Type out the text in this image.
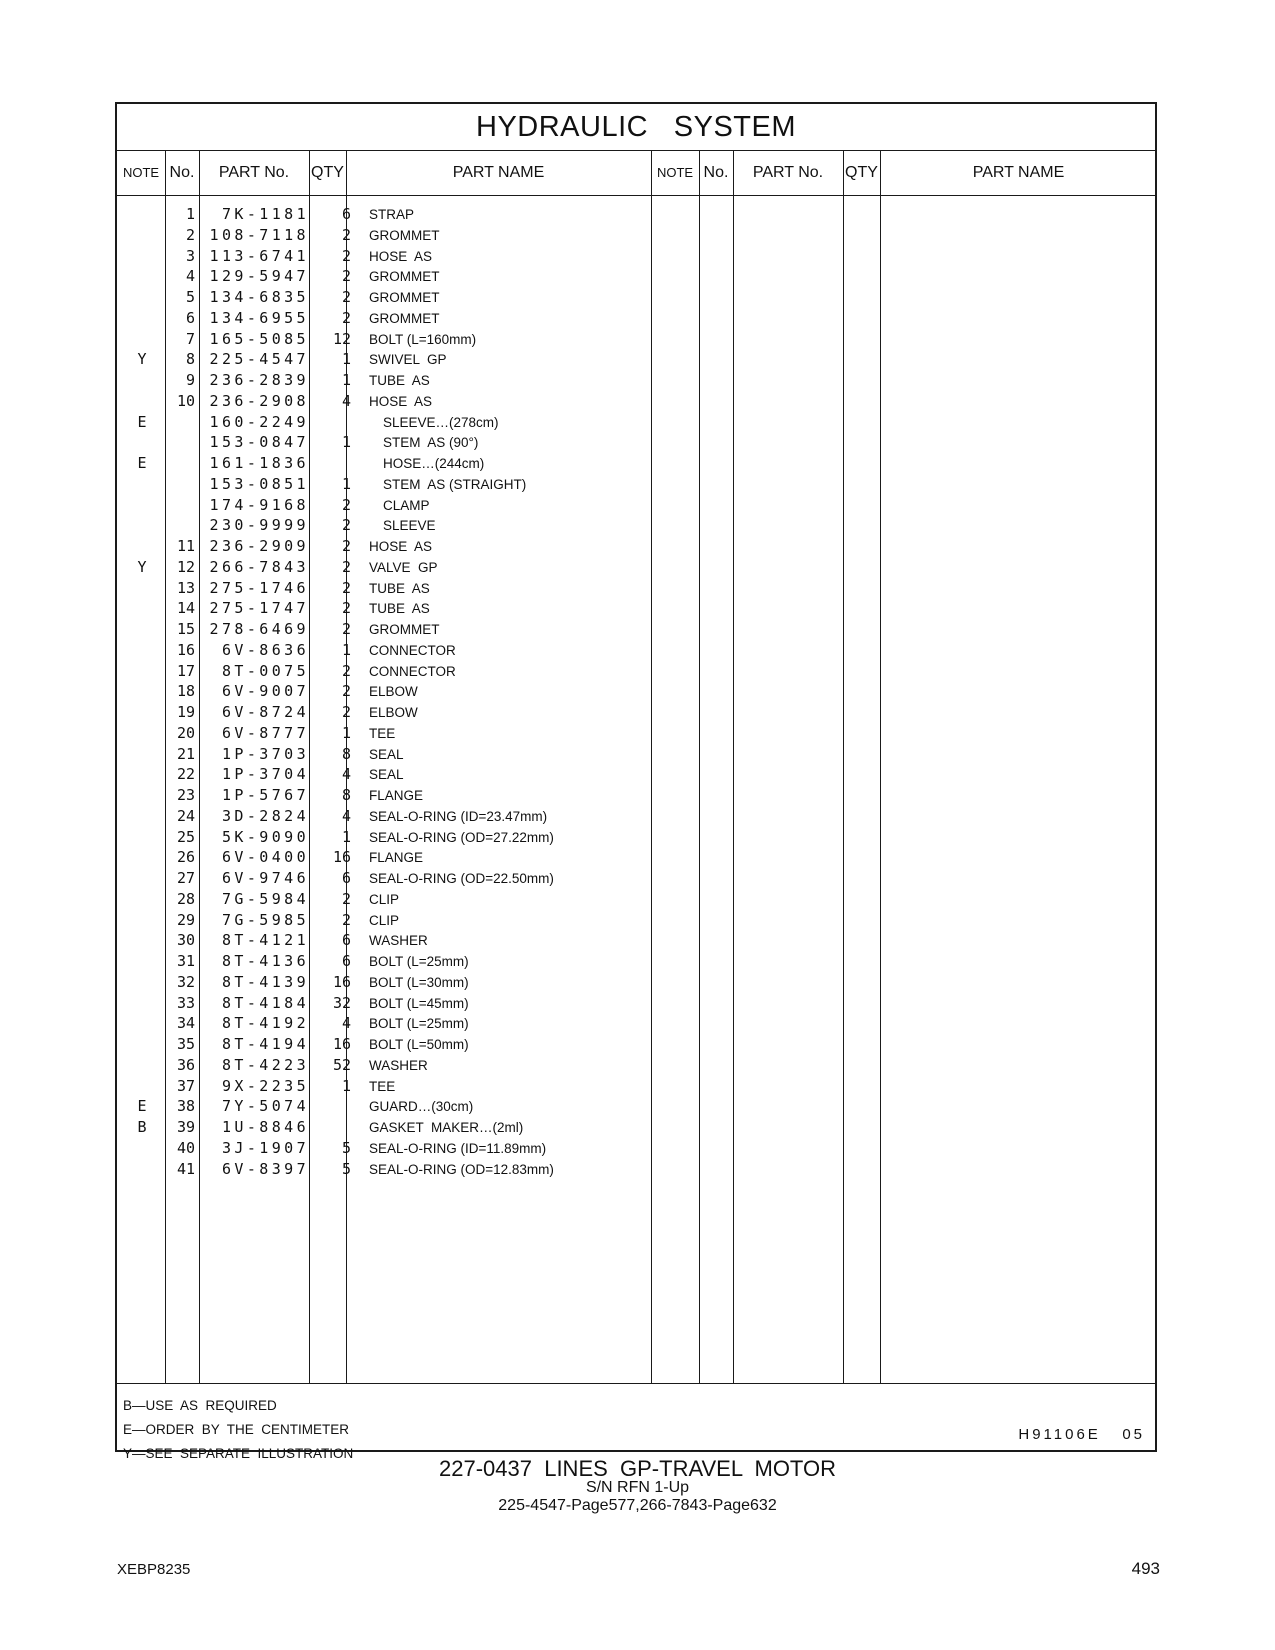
HYDRAULIC   SYSTEM
NOTE No.	PART No.	QTY	PART NAME	NOTE No.	PART No.	QTY	PART NAME
1	7K-1181	6 STRAP
2 108-7118	2 GROMMET
3 113-6741	2 HOSE  AS
4 129-5947	2 GROMMET
5 134-6835	2 GROMMET
6 134-6955	2 GROMMET
7 165-5085	12 BOLT (L=160mm)
Y	8 225-4547	1 SWIVEL  GP
9 236-2839	1 TUBE  AS
10 236-2908	4 HOSE  AS
E	160-2249	SLEEVE…(278cm)
153-0847	1 STEM  AS (90°)
E	161-1836	HOSE…(244cm)
153-0851	1 STEM  AS (STRAIGHT)
174-9168	2 CLAMP
230-9999	2 SLEEVE
11 236-2909	2 HOSE  AS
Y	12 266-7843	2 VALVE  GP
13 275-1746	2 TUBE  AS
14 275-1747	2 TUBE  AS
15 278-6469	2 GROMMET
16	6V-8636	1 CONNECTOR
17	8T-0075	2 CONNECTOR
18	6V-9007	2 ELBOW
19	6V-8724	2 ELBOW
20	6V-8777	1 TEE
21	1P-3703	8 SEAL
22	1P-3704	4 SEAL
23	1P-5767	8 FLANGE
24	3D-2824	4 SEAL-O-RING (ID=23.47mm)
25	5K-9090	1 SEAL-O-RING (OD=27.22mm)
26	6V-0400	16 FLANGE
27	6V-9746	6 SEAL-O-RING (OD=22.50mm)
28	7G-5984	2 CLIP
29	7G-5985	2 CLIP
30	8T-4121	6 WASHER
31	8T-4136	6 BOLT (L=25mm)
32	8T-4139	16 BOLT (L=30mm)
33	8T-4184	32 BOLT (L=45mm)
34	8T-4192	4 BOLT (L=25mm)
35	8T-4194	16 BOLT (L=50mm)
36	8T-4223	52 WASHER
37	9X-2235	1 TEE
E	38	7Y-5074	GUARD…(30cm)
B	39	1U-8846	GASKET  MAKER…(2ml)
40	3J-1907	5 SEAL-O-RING (ID=11.89mm)
41	6V-8397	5 SEAL-O-RING (OD=12.83mm)
B—USE  AS  REQUIRED
E—ORDER  BY  THE  CENTIMETER
Y—SEE  SEPARATE  ILLUSTRATION
H91106E   05
227-0437  LINES  GP-TRAVEL  MOTOR
S/N RFN 1-Up
225-4547-Page577,266-7843-Page632
XEBP8235	493
